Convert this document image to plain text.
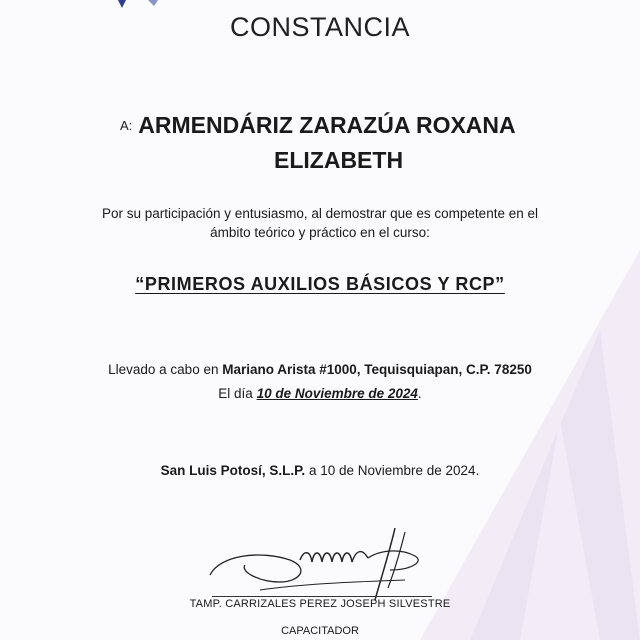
CONSTANCIA
A: ARMENDÁRIZ ZARAZÚA ROXANA
ELIZABETH
Por su participación y entusiasmo, al demostrar que es competente en el
ámbito teórico y práctico en el curso:
“PRIMEROS AUXILIOS BÁSICOS Y RCP”
Llevado a cabo en Mariano Arista #1000, Tequisquiapan, C.P. 78250
El día 10 de Noviembre de 2024.
San Luis Potosí, S.L.P. a 10 de Noviembre de 2024.
TAMP. CARRIZALES PEREZ JOSEPH SILVESTRE
CAPACITADOR
